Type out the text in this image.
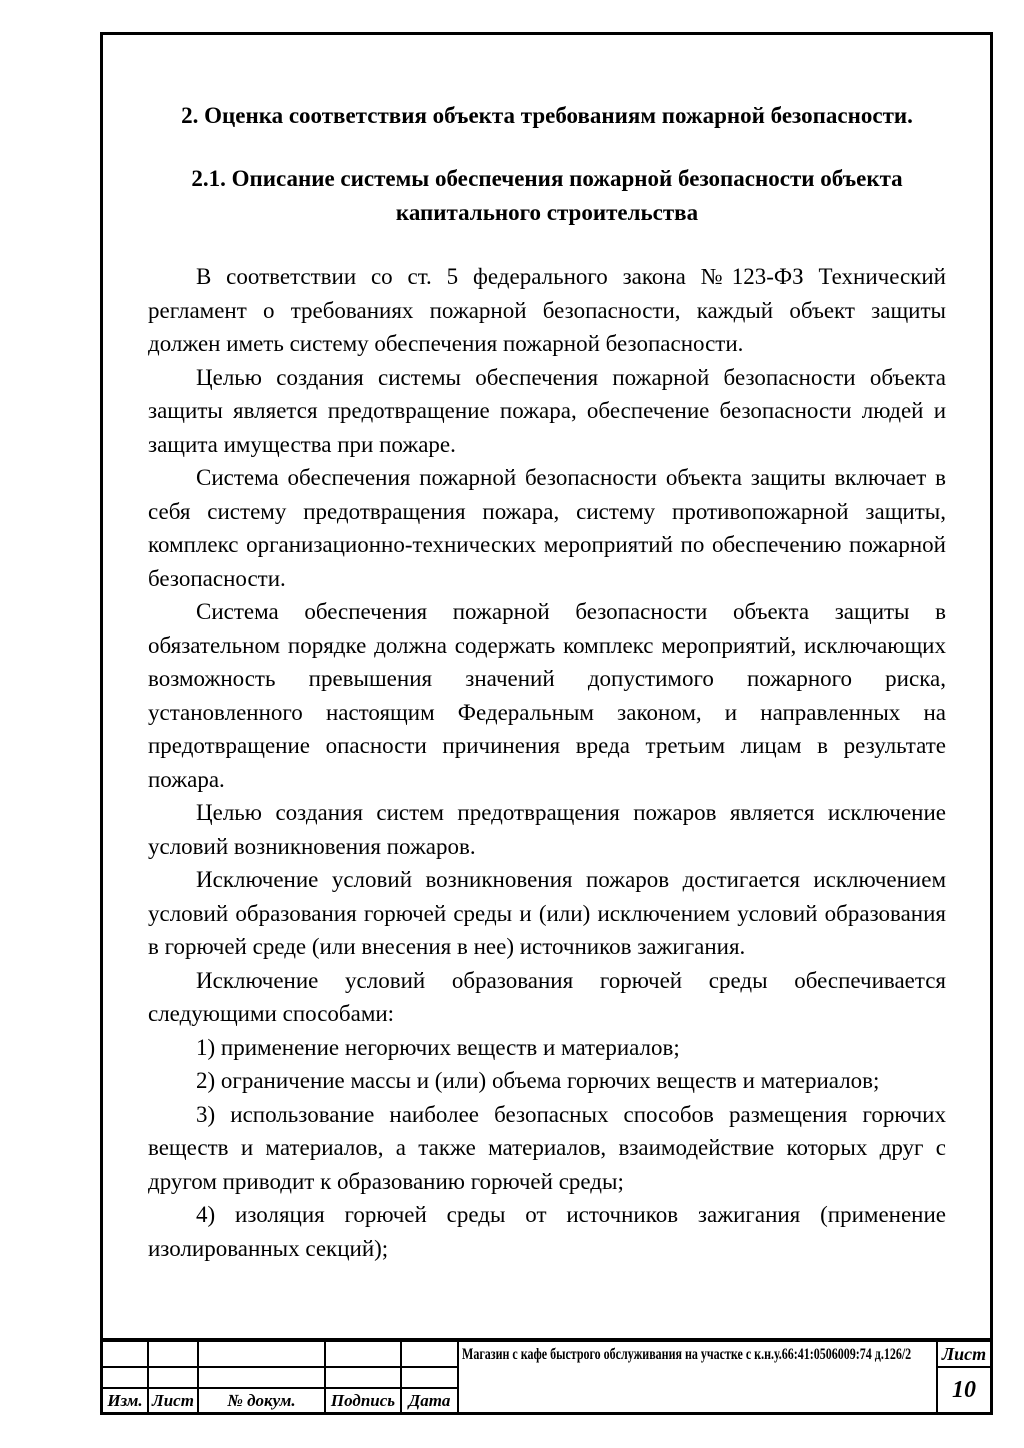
2. Оценка соответствия объекта требованиям пожарной безопасности.
2.1. Описание системы обеспечения пожарной безопасности объекта капитального строительства

В соответствии со ст. 5 федерального закона №123-ФЗ Технический регламент о требованиях пожарной безопасности, каждый объект защиты должен иметь систему обеспечения пожарной безопасности.

Целью создания системы обеспечения пожарной безопасности объекта защиты является предотвращение пожара, обеспечение безопасности людей и защита имущества при пожаре.

Система обеспечения пожарной безопасности объекта защиты включает в себя систему предотвращения пожара, систему противопожарной защиты, комплекс организационно-технических мероприятий по обеспечению пожарной безопасности.

Система обеспечения пожарной безопасности объекта защиты в обязательном порядке должна содержать комплекс мероприятий, исключающих возможность превышения значений допустимого пожарного риска, установленного настоящим Федеральным законом, и направленных на предотвращение опасности причинения вреда третьим лицам в результате пожара.

Целью создания систем предотвращения пожаров является исключение условий возникновения пожаров.

Исключение условий возникновения пожаров достигается исключением условий образования горючей среды и (или) исключением условий образования в горючей среде (или внесения в нее) источников зажигания.

Исключение условий образования горючей среды обеспечивается следующими способами:

1) применение негорючих веществ и материалов;

2) ограничение массы и (или) объема горючих веществ и материалов;

3) использование наиболее безопасных способов размещения горючих веществ и материалов, а также материалов, взаимодействие которых друг с другом приводит к образованию горючей среды;

4) изоляция горючей среды от источников зажигания (применение изолированных секций);

Магазин с кафе быстрого обслуживания на участке с к.н.у.66:41:0506009:74 д.126/2 Лист
10
Изм. Лист	№ докум.	Подпись Дата
